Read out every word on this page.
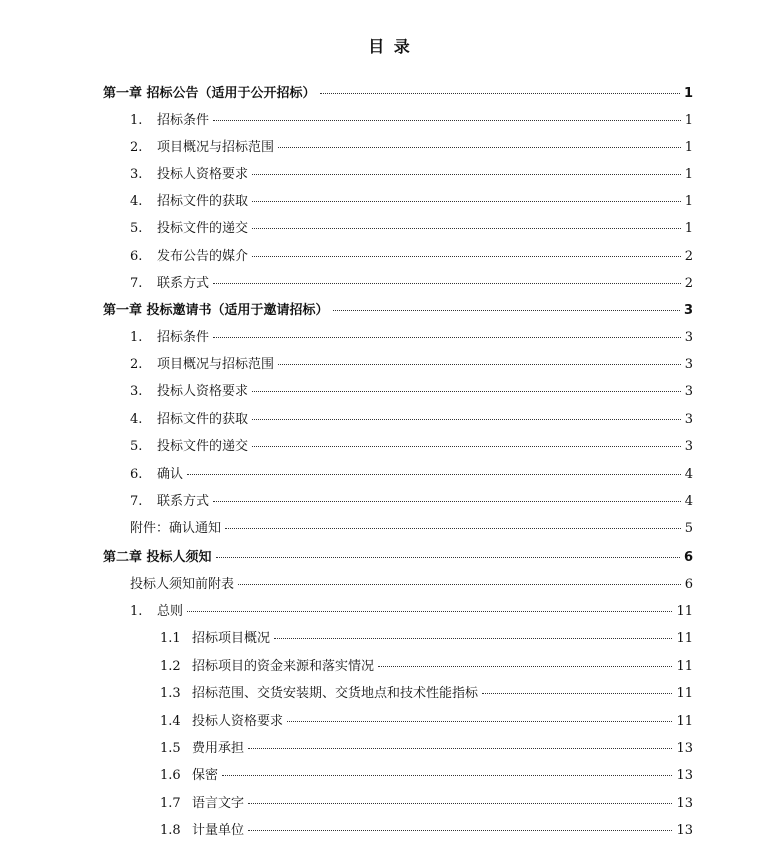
目 录
第一章 招标公告（适用于公开招标）	1
1.	招标条件	1
2.	项目概况与招标范围	1
3.	投标人资格要求	1
4.	招标文件的获取	1
5.	投标文件的递交	1
6.	发布公告的媒介	2
7.	联系方式	2
第一章 投标邀请书（适用于邀请招标）	3
1.	招标条件	3
2.	项目概况与招标范围	3
3.	投标人资格要求	3
4.	招标文件的获取	3
5.	投标文件的递交	3
6.	确认	4
7.	联系方式	4
附件：确认通知	5
第二章 投标人须知	6
投标人须知前附表	6
1.	总则	11
1.1 招标项目概况	11
1.2 招标项目的资金来源和落实情况	11
1.3 招标范围、交货安装期、交货地点和技术性能指标	11
1.4 投标人资格要求	11
1.5 费用承担	13
1.6 保密	13
1.7 语言文字	13
1.8 计量单位	13
